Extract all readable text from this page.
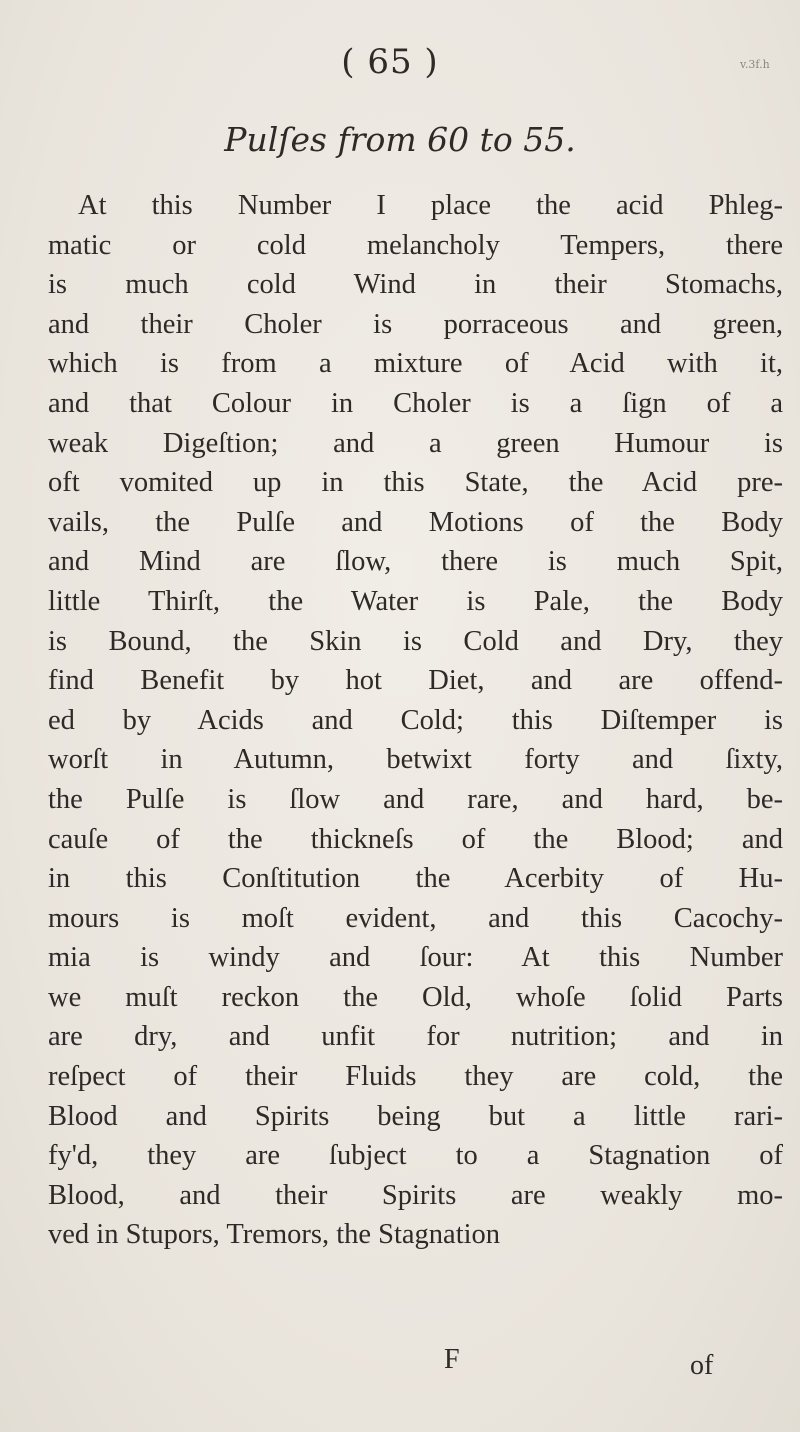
( 65 )
Pulſes from 60 to 55.
v.3f.h
At this Number I place the acid Phleg-
matic or cold melancholy Tempers, there
is much cold Wind in their Stomachs,
and their Choler is porraceous and green,
which is from a mixture of Acid with it,
and that Colour in Choler is a ſign of a
weak Digeſtion; and a green Humour is
oft vomited up in this State, the Acid pre-
vails, the Pulſe and Motions of the Body
and Mind are ſlow, there is much Spit,
little Thirſt, the Water is Pale, the Body
is Bound, the Skin is Cold and Dry, they
find Benefit by hot Diet, and are offend-
ed by Acids and Cold; this Diſtemper is
worſt in Autumn, betwixt forty and ſixty,
the Pulſe is ſlow and rare, and hard, be-
cauſe of the thickneſs of the Blood; and
in this Conſtitution the Acerbity of Hu-
mours is moſt evident, and this Cacochy-
mia is windy and ſour: At this Number
we muſt reckon the Old, whoſe ſolid Parts
are dry, and unfit for nutrition; and in
reſpect of their Fluids they are cold, the
Blood and Spirits being but a little rari-
fy'd, they are ſubject to a Stagnation of
Blood, and their Spirits are weakly mo-
ved in Stupors, Tremors, the Stagnation
F	of
